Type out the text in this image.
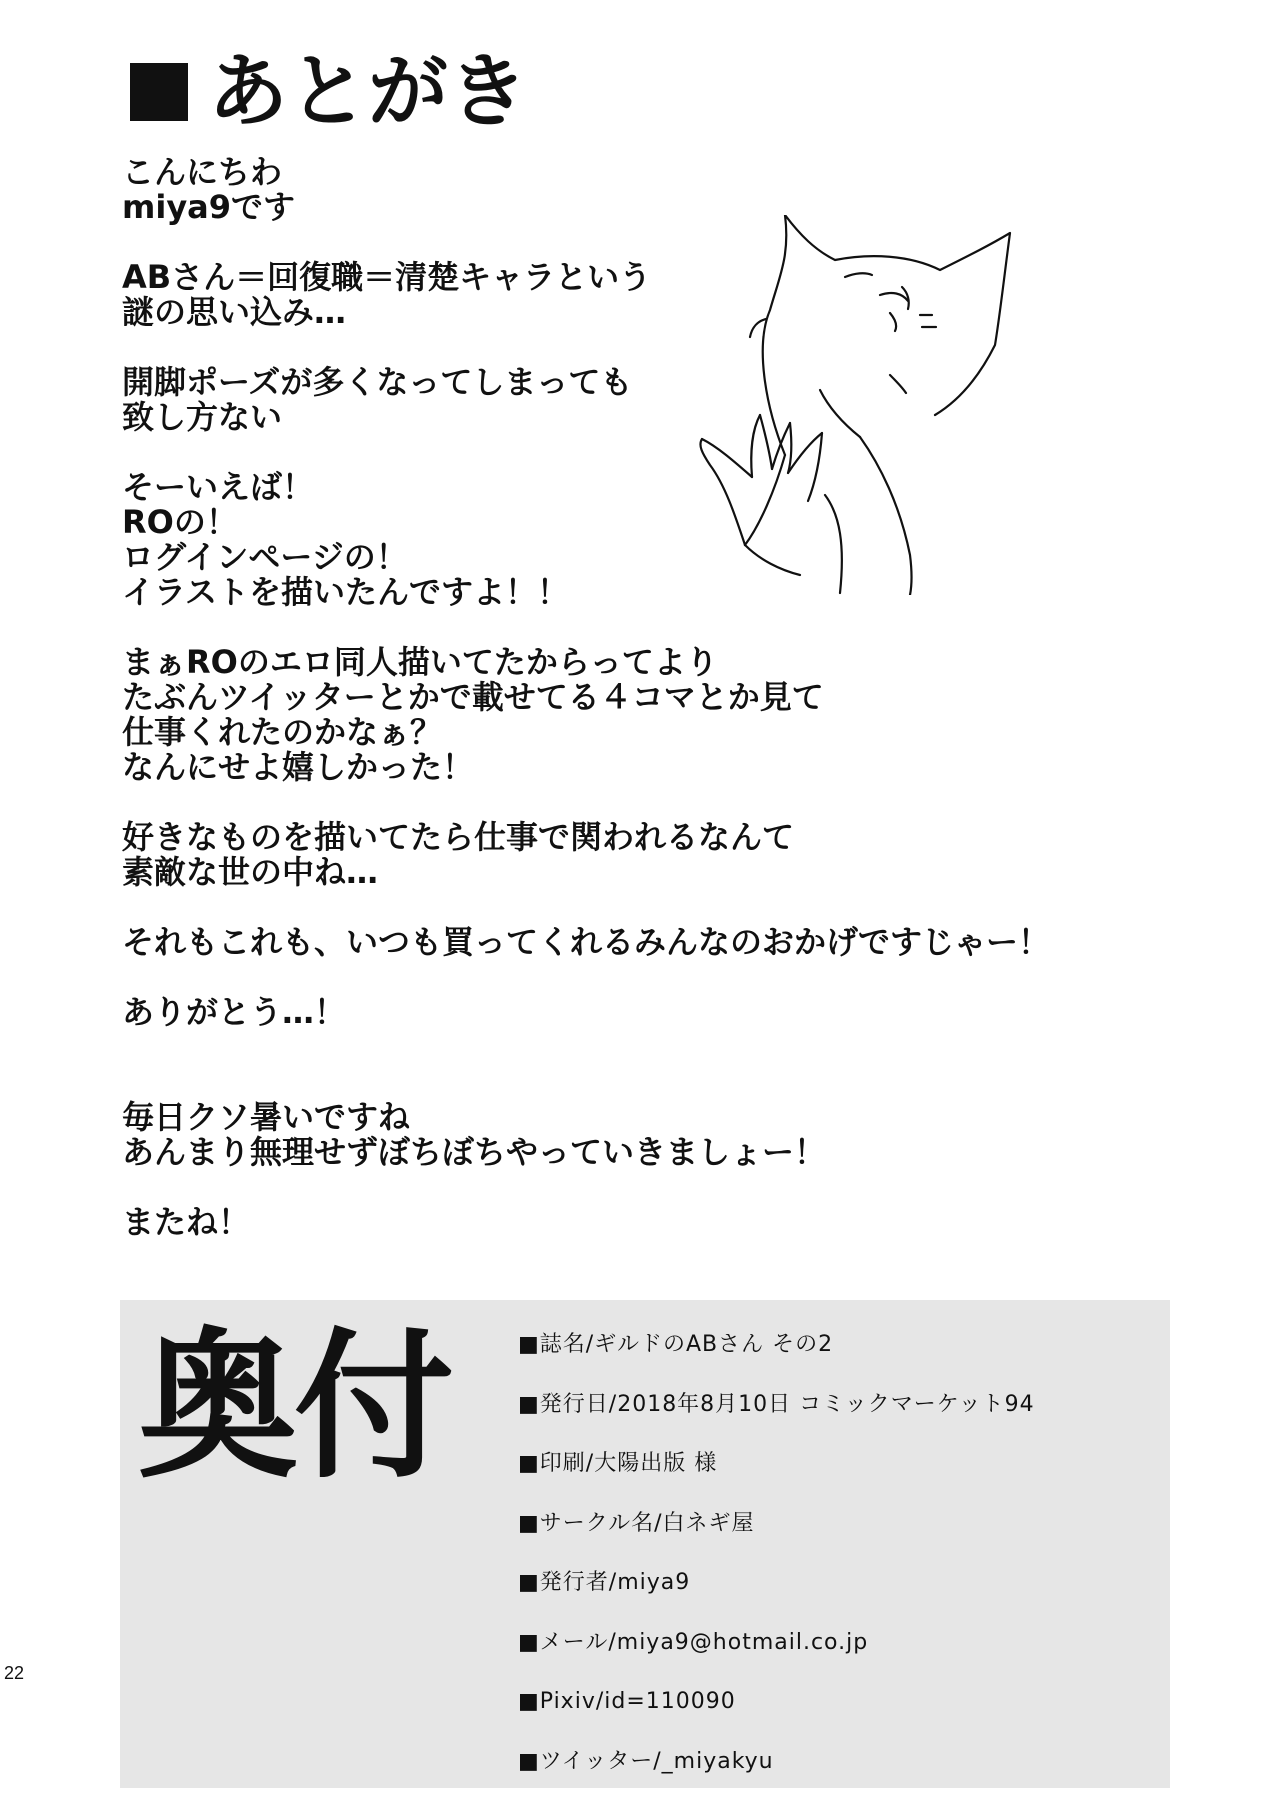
あとがき

こんにちわ
miya9です

ABさん＝回復職＝清楚キャラという
謎の思い込み…

開脚ポーズが多くなってしまっても
致し方ない

そーいえば！
ROの！
ログインページの！
イラストを描いたんですよ！！

まぁROのエロ同人描いてたからってより
たぶんツイッターとかで載せてる４コマとか見て
仕事くれたのかなぁ？
なんにせよ嬉しかった！

好きなものを描いてたら仕事で関われるなんて
素敵な世の中ね…

それもこれも、いつも買ってくれるみんなのおかげですじゃー！

ありがとう…！

毎日クソ暑いですね
あんまり無理せずぼちぼちやっていきましょー！

またね！

奥付	■誌名/ギルドのABさん その2
■発行日/2018年8月10日 コミックマーケット94
■印刷/大陽出版 様
■サークル名/白ネギ屋
■発行者/miya9
■メール/miya9@hotmail.co.jp
■Pixiv/id=110090
■ツイッター/_miyakyu
22
